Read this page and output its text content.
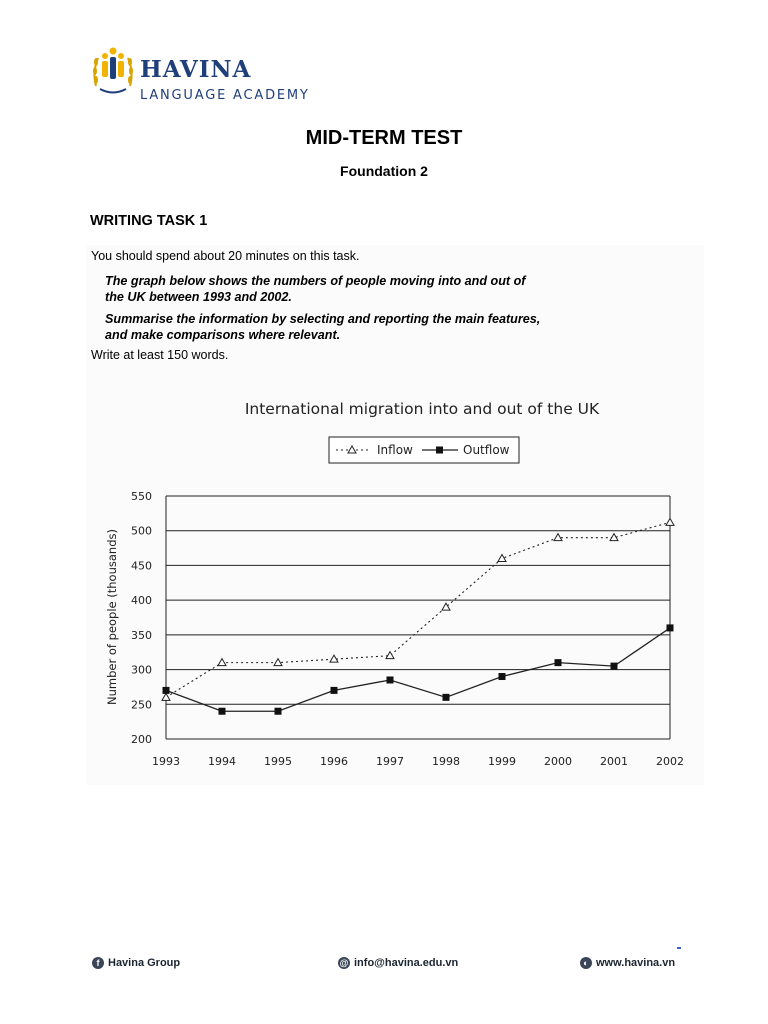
HAVINA
LANGUAGE ACADEMY
MID-TERM TEST
Foundation 2
WRITING TASK 1
You should spend about 20 minutes on this task.
The graph below shows the numbers of people moving into and out of
the UK between 1993 and 2002.
Summarise the information by selecting and reporting the main features,
and make comparisons where relevant.
Write at least 150 words.
International migration into and out of the UK
Inflow	Outflow
Number of people (thousands)
200
250
300
350
400
450
500
550
1993	1994	1995	1996	1997	1998	1999	2000	2001	2002
f Havina Group	@ info@havina.edu.vn	◐ www.havina.vn
